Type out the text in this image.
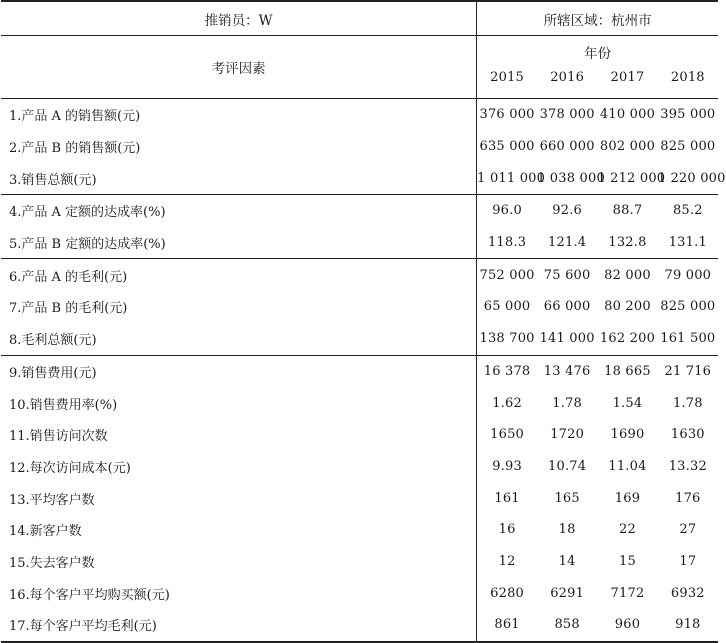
推销员：W	所辖区域：杭州市			
考评因素	年份			
	2015	2016	2017	2018
1.产品 A 的销售额(元)	376 000	378 000	410 000	395 000
2.产品 B 的销售额(元)	635 000	660 000	802 000	825 000
3.销售总额(元)	1 011 000	1 038 000	1 212 000	1 220 000
4.产品 A 定额的达成率(%)	96.0	92.6	88.7	85.2
5.产品 B 定额的达成率(%)	118.3	121.4	132.8	131.1
6.产品 A 的毛利(元)	752 000	75 600	82 000	79 000
7.产品 B 的毛利(元)	65 000	66 000	80 200	825 000
8.毛利总额(元)	138 700	141 000	162 200	161 500
9.销售费用(元)	16 378	13 476	18 665	21 716
10.销售费用率(%)	1.62	1.78	1.54	1.78
11.销售访问次数	1650	1720	1690	1630
12.每次访问成本(元)	9.93	10.74	11.04	13.32
13.平均客户数	161	165	169	176
14.新客户数	16	18	22	27
15.失去客户数	12	14	15	17
16.每个客户平均购买额(元)	6280	6291	7172	6932
17.每个客户平均毛利(元)	861	858	960	918
